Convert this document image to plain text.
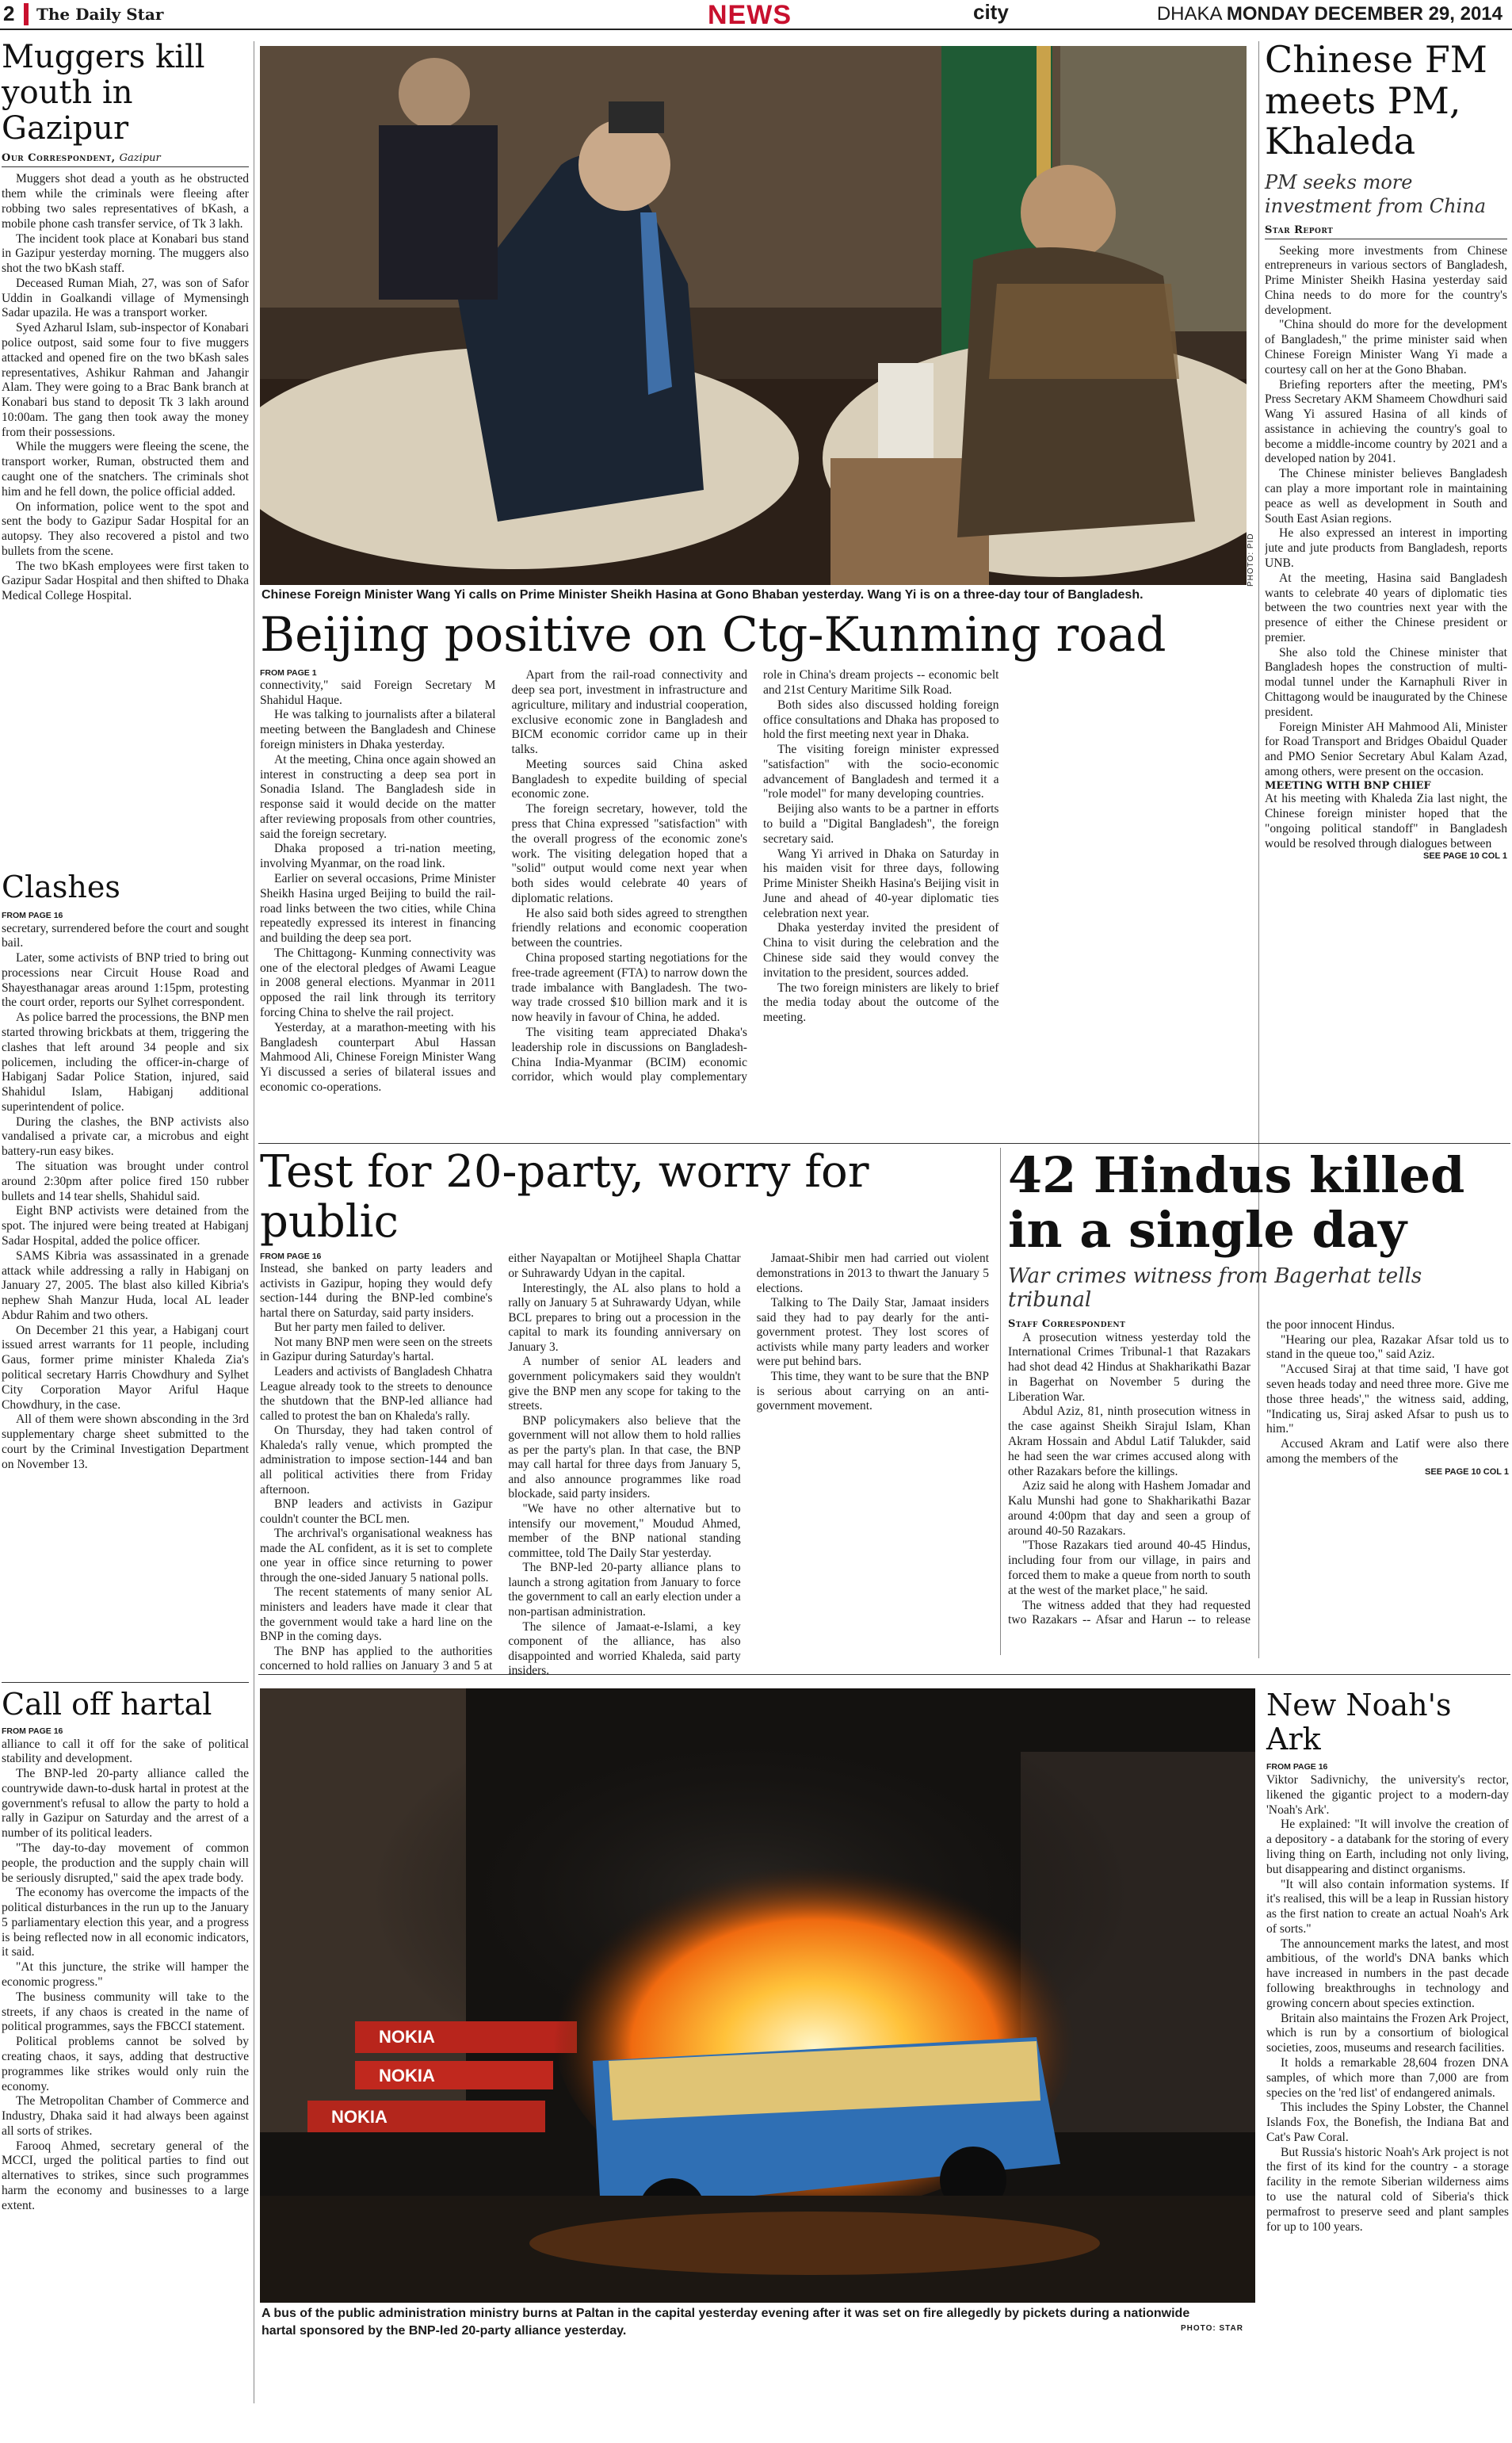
2 The Daily Star	NEWS	city	DHAKA MONDAY DECEMBER 29, 2014
Muggers kill youth in Gazipur
Our Correspondent, Gazipur

Muggers shot dead a youth as he obstructed them while the criminals were fleeing after robbing two sales representatives of bKash, a mobile phone cash transfer service, of Tk 3 lakh.

The incident took place at Konabari bus stand in Gazipur yesterday morning. The muggers also shot the two bKash staff.

Deceased Ruman Miah, 27, was son of Safor Uddin in Goalkandi village of Mymensingh Sadar upazila. He was a transport worker.

Syed Azharul Islam, sub-inspector of Konabari police outpost, said some four to five muggers attacked and opened fire on the two bKash sales representatives, Ashikur Rahman and Jahangir Alam. They were going to a Brac Bank branch at Konabari bus stand to deposit Tk 3 lakh around 10:00am. The gang then took away the money from their possessions.

While the muggers were fleeing the scene, the transport worker, Ruman, obstructed them and caught one of the snatchers. The criminals shot him and he fell down, the police official added.

On information, police went to the spot and sent the body to Gazipur Sadar Hospital for an autopsy. They also recovered a pistol and two bullets from the scene.

The two bKash employees were first taken to Gazipur Sadar Hospital and then shifted to Dhaka Medical College Hospital.

Clashes
FROM PAGE 16

secretary, surrendered before the court and sought bail.

Later, some activists of BNP tried to bring out processions near Circuit House Road and Shayesthanagar areas around 1:15pm, protesting the court order, reports our Sylhet correspondent.

As police barred the processions, the BNP men started throwing brickbats at them, triggering the clashes that left around 34 people and six policemen, including the officer-in-charge of Habiganj Sadar Police Station, injured, said Shahidul Islam, Habiganj additional superintendent of police.

During the clashes, the BNP activists also vandalised a private car, a microbus and eight battery-run easy bikes.

The situation was brought under control around 2:30pm after police fired 150 rubber bullets and 14 tear shells, Shahidul said.

Eight BNP activists were detained from the spot. The injured were being treated at Habiganj Sadar Hospital, added the police officer.

SAMS Kibria was assassinated in a grenade attack while addressing a rally in Habiganj on January 27, 2005. The blast also killed Kibria's nephew Shah Manzur Huda, local AL leader Abdur Rahim and two others.

On December 21 this year, a Habiganj court issued arrest warrants for 11 people, including Gaus, former prime minister Khaleda Zia's political secretary Harris Chowdhury and Sylhet City Corporation Mayor Ariful Haque Chowdhury, in the case.

All of them were shown absconding in the 3rd supplementary charge sheet submitted to the court by the Criminal Investigation Department on November 13.

Call off hartal
FROM PAGE 16

alliance to call it off for the sake of political stability and development.

The BNP-led 20-party alliance called the countrywide dawn-to-dusk hartal in protest at the government's refusal to allow the party to hold a rally in Gazipur on Saturday and the arrest of a number of its political leaders.

"The day-to-day movement of common people, the production and the supply chain will be seriously disrupted," said the apex trade body.

The economy has overcome the impacts of the political disturbances in the run up to the January 5 parliamentary election this year, and a progress is being reflected now in all economic indicators, it said.

"At this juncture, the strike will hamper the economic progress."

The business community will take to the streets, if any chaos is created in the name of political programmes, says the FBCCI statement.

Political problems cannot be solved by creating chaos, it says, adding that destructive programmes like strikes would only ruin the economy.

The Metropolitan Chamber of Commerce and Industry, Dhaka said it had always been against all sorts of strikes.

Farooq Ahmed, secretary general of the MCCI, urged the political parties to find out alternatives to strikes, since such programmes harm the economy and businesses to a large extent.

PHOTO: PID
Chinese Foreign Minister Wang Yi calls on Prime Minister Sheikh Hasina at Gono Bhaban yesterday. Wang Yi is on a three-day tour of Bangladesh.
Beijing positive on Ctg-Kunming road
FROM PAGE 1

connectivity," said Foreign Secretary M Shahidul Haque.

He was talking to journalists after a bilateral meeting between the Bangladesh and Chinese foreign ministers in Dhaka yesterday.

At the meeting, China once again showed an interest in constructing a deep sea port in Sonadia Island. The Bangladesh side in response said it would decide on the matter after reviewing proposals from other countries, said the foreign secretary.

Dhaka proposed a tri-nation meeting, involving Myanmar, on the road link.

Earlier on several occasions, Prime Minister Sheikh Hasina urged Beijing to build the rail-road links between the two cities, while China repeatedly expressed its interest in financing and building the deep sea port.

The Chittagong- Kunming connectivity was one of the electoral pledges of Awami League in 2008 general elections. Myanmar in 2011 opposed the rail link through its territory forcing China to shelve the rail project.

Yesterday, at a marathon-meeting with his Bangladesh counterpart Abul Hassan Mahmood Ali, Chinese Foreign Minister Wang Yi discussed a series of bilateral issues and economic co-operations.

Apart from the rail-road connectivity and deep sea port, investment in infrastructure and agriculture, military and industrial cooperation, exclusive economic zone in Bangladesh and BICM economic corridor came up in their talks.

Meeting sources said China asked Bangladesh to expedite building of special economic zone.

The foreign secretary, however, told the press that China expressed "satisfaction" with the overall progress of the economic zone's work. The visiting delegation hoped that a "solid" output would come next year when both sides would celebrate 40 years of diplomatic relations.

He also said both sides agreed to strengthen friendly relations and economic cooperation between the countries.

China proposed starting negotiations for the free-trade agreement (FTA) to narrow down the trade imbalance with Bangladesh. The two-way trade crossed $10 billion mark and it is now heavily in favour of China, he added.

The visiting team appreciated Dhaka's leadership role in discussions on Bangladesh-China India-Myanmar (BCIM) economic corridor, which would play complementary role in China's dream projects -- economic belt and 21st Century Maritime Silk Road.

Both sides also discussed holding foreign office consultations and Dhaka has proposed to hold the first meeting next year in Dhaka.

The visiting foreign minister expressed "satisfaction" with the socio-economic advancement of Bangladesh and termed it a "role model" for many developing countries.

Beijing also wants to be a partner in efforts to build a "Digital Bangladesh", the foreign secretary said.

Wang Yi arrived in Dhaka on Saturday in his maiden visit for three days, following Prime Minister Sheikh Hasina's Beijing visit in June and ahead of 40-year diplomatic ties celebration next year.

Dhaka yesterday invited the president of China to visit during the celebration and the Chinese side said they would convey the invitation to the president, sources added.

The two foreign ministers are likely to brief the media today about the outcome of the meeting.

Chinese FM meets PM, Khaleda
PM seeks more investment from China
Star Report

Seeking more investments from Chinese entrepreneurs in various sectors of Bangladesh, Prime Minister Sheikh Hasina yesterday said China needs to do more for the country's development.

"China should do more for the development of Bangladesh," the prime minister said when Chinese Foreign Minister Wang Yi made a courtesy call on her at the Gono Bhaban.

Briefing reporters after the meeting, PM's Press Secretary AKM Shameem Chowdhuri said Wang Yi assured Hasina of all kinds of assistance in achieving the country's goal to become a middle-income country by 2021 and a developed nation by 2041.

The Chinese minister believes Bangladesh can play a more important role in maintaining peace as well as development in South and South East Asian regions.

He also expressed an interest in importing jute and jute products from Bangladesh, reports UNB.

At the meeting, Hasina said Bangladesh wants to celebrate 40 years of diplomatic ties between the two countries next year with the presence of either the Chinese president or premier.

She also told the Chinese minister that Bangladesh hopes the construction of multi-modal tunnel under the Karnaphuli River in Chittagong would be inaugurated by the Chinese president.

Foreign Minister AH Mahmood Ali, Minister for Road Transport and Bridges Obaidul Quader and PMO Senior Secretary Abul Kalam Azad, among others, were present on the occasion.

MEETING WITH BNP CHIEF

At his meeting with Khaleda Zia last night, the Chinese foreign minister hoped that the "ongoing political standoff" in Bangladesh would be resolved through dialogues between

SEE PAGE 10 COL 1
Test for 20-party, worry for public
FROM PAGE 16

Instead, she banked on party leaders and activists in Gazipur, hoping they would defy section-144 during the BNP-led combine's hartal there on Saturday, said party insiders.

But her party men failed to deliver.

Not many BNP men were seen on the streets in Gazipur during Saturday's hartal.

Leaders and activists of Bangladesh Chhatra League already took to the streets to denounce the shutdown that the BNP-led alliance had called to protest the ban on Khaleda's rally.

On Thursday, they had taken control of Khaleda's rally venue, which prompted the administration to impose section-144 and ban all political activities there from Friday afternoon.

BNP leaders and activists in Gazipur couldn't counter the BCL men.

The archrival's organisational weakness has made the AL confident, as it is set to complete one year in office since returning to power through the one-sided January 5 national polls.

The recent statements of many senior AL ministers and leaders have made it clear that the government would take a hard line on the BNP in the coming days.

The BNP has applied to the authorities concerned to hold rallies on January 3 and 5 at either Nayapaltan or Motijheel Shapla Chattar or Suhrawardy Udyan in the capital.

Interestingly, the AL also plans to hold a rally on January 5 at Suhrawardy Udyan, while BCL prepares to bring out a procession in the capital to mark its founding anniversary on January 3.

A number of senior AL leaders and government policymakers said they wouldn't give the BNP men any scope for taking to the streets.

BNP policymakers also believe that the government will not allow them to hold rallies as per the party's plan. In that case, the BNP may call hartal for three days from January 5, and also announce programmes like road blockade, said party insiders.

"We have no other alternative but to intensify our movement," Moudud Ahmed, member of the BNP national standing committee, told The Daily Star yesterday.

The BNP-led 20-party alliance plans to launch a strong agitation from January to force the government to call an early election under a non-partisan administration.

The silence of Jamaat-e-Islami, a key component of the alliance, has also disappointed and worried Khaleda, said party insiders.

Jamaat-Shibir men had carried out violent demonstrations in 2013 to thwart the January 5 elections.

Talking to The Daily Star, Jamaat insiders said they had to pay dearly for the anti-government protest. They lost scores of activists while many party leaders and worker were put behind bars.

This time, they want to be sure that the BNP is serious about carrying on an anti-government movement.

42 Hindus killed in a single day
War crimes witness from Bagerhat tells tribunal
Staff Correspondent

A prosecution witness yesterday told the International Crimes Tribunal-1 that Razakars had shot dead 42 Hindus at Shakharikathi Bazar in Bagerhat on November 5 during the Liberation War.

Abdul Aziz, 81, ninth prosecution witness in the case against Sheikh Sirajul Islam, Khan Akram Hossain and Abdul Latif Talukder, said he had seen the war crimes accused along with other Razakars before the killings.

Aziz said he along with Hashem Jomadar and Kalu Munshi had gone to Shakharikathi Bazar around 4:00pm that day and seen a group of around 40-50 Razakars.

"Those Razakars tied around 40-45 Hindus, including four from our village, in pairs and forced them to make a queue from north to south at the west of the market place," he said.

The witness added that they had requested two Razakars -- Afsar and Harun -- to release the poor innocent Hindus.

"Hearing our plea, Razakar Afsar told us to stand in the queue too," said Aziz.

"Accused Siraj at that time said, 'I have got seven heads today and need three more. Give me those three heads'," the witness said, adding, "Indicating us, Siraj asked Afsar to push us to him."

Accused Akram and Latif were also there among the members of the

SEE PAGE 10 COL 1
NOKIA
NOKIA
NOKIA
A bus of the public administration ministry burns at Paltan in the capital yesterday evening after it was set on fire allegedly by pickets during a nationwide hartal sponsored by the BNP-led 20-party alliance yesterday.	PHOTO: STAR
New Noah's Ark
FROM PAGE 16

Viktor Sadivnichy, the university's rector, likened the gigantic project to a modern-day 'Noah's Ark'.

He explained: "It will involve the creation of a depository - a databank for the storing of every living thing on Earth, including not only living, but disappearing and distinct organisms.

"It will also contain information systems. If it's realised, this will be a leap in Russian history as the first nation to create an actual Noah's Ark of sorts."

The announcement marks the latest, and most ambitious, of the world's DNA banks which have increased in numbers in the past decade following breakthroughs in technology and growing concern about species extinction.

Britain also maintains the Frozen Ark Project, which is run by a consortium of biological societies, zoos, museums and research facilities.

It holds a remarkable 28,604 frozen DNA samples, of which more than 7,000 are from species on the 'red list' of endangered animals.

This includes the Spiny Lobster, the Channel Islands Fox, the Bonefish, the Indiana Bat and Cat's Paw Coral.

But Russia's historic Noah's Ark project is not the first of its kind for the country - a storage facility in the remote Siberian wilderness aims to use the natural cold of Siberia's thick permafrost to preserve seed and plant samples for up to 100 years.
